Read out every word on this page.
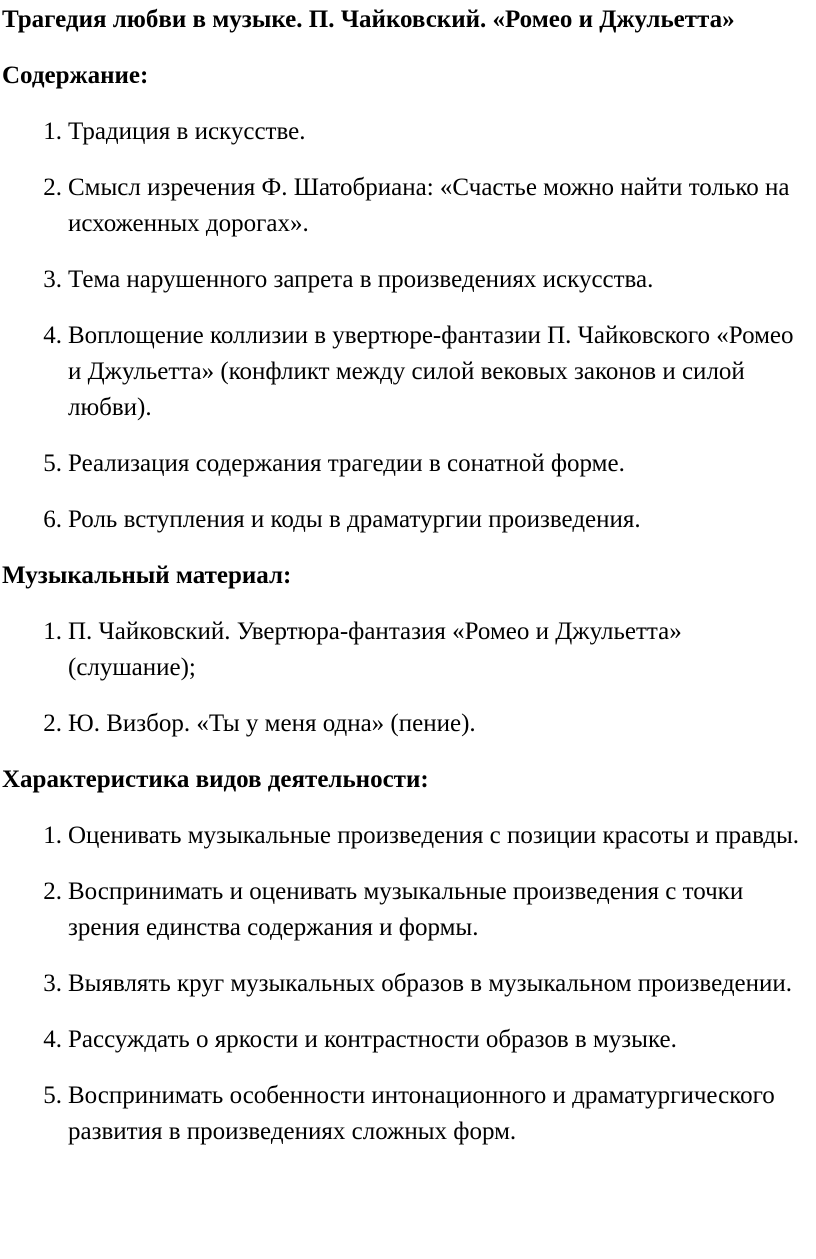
Трагедия любви в музыке. П. Чайковский. «Ромео и Джульетта»
Содержание:
1. Традиция в искусстве.
2. Смысл изречения Ф. Шатобриана: «Счастье можно найти только на исхоженных дорогах».
3. Тема нарушенного запрета в произведениях искусства.
4. Воплощение коллизии в увертюре-фантазии П. Чайковского «Ромео и Джульетта» (конфликт между силой вековых законов и силой любви).
5. Реализация содержания трагедии в сонатной форме.
6. Роль вступления и коды в драматургии произведения.
Музыкальный материал:
1. П. Чайковский. Увертюра-фантазия «Ромео и Джульетта» (слушание);
2. Ю. Визбор. «Ты у меня одна» (пение).
Характеристика видов деятельности:
1. Оценивать музыкальные произведения с позиции красоты и правды.
2. Воспринимать и оценивать музыкальные произведения с точки зрения единства содержания и формы.
3. Выявлять круг музыкальных образов в музыкальном произведении.
4. Рассуждать о яркости и контрастности образов в музыке.
5. Воспринимать особенности интонационного и драматургического развития в произведениях сложных форм.
